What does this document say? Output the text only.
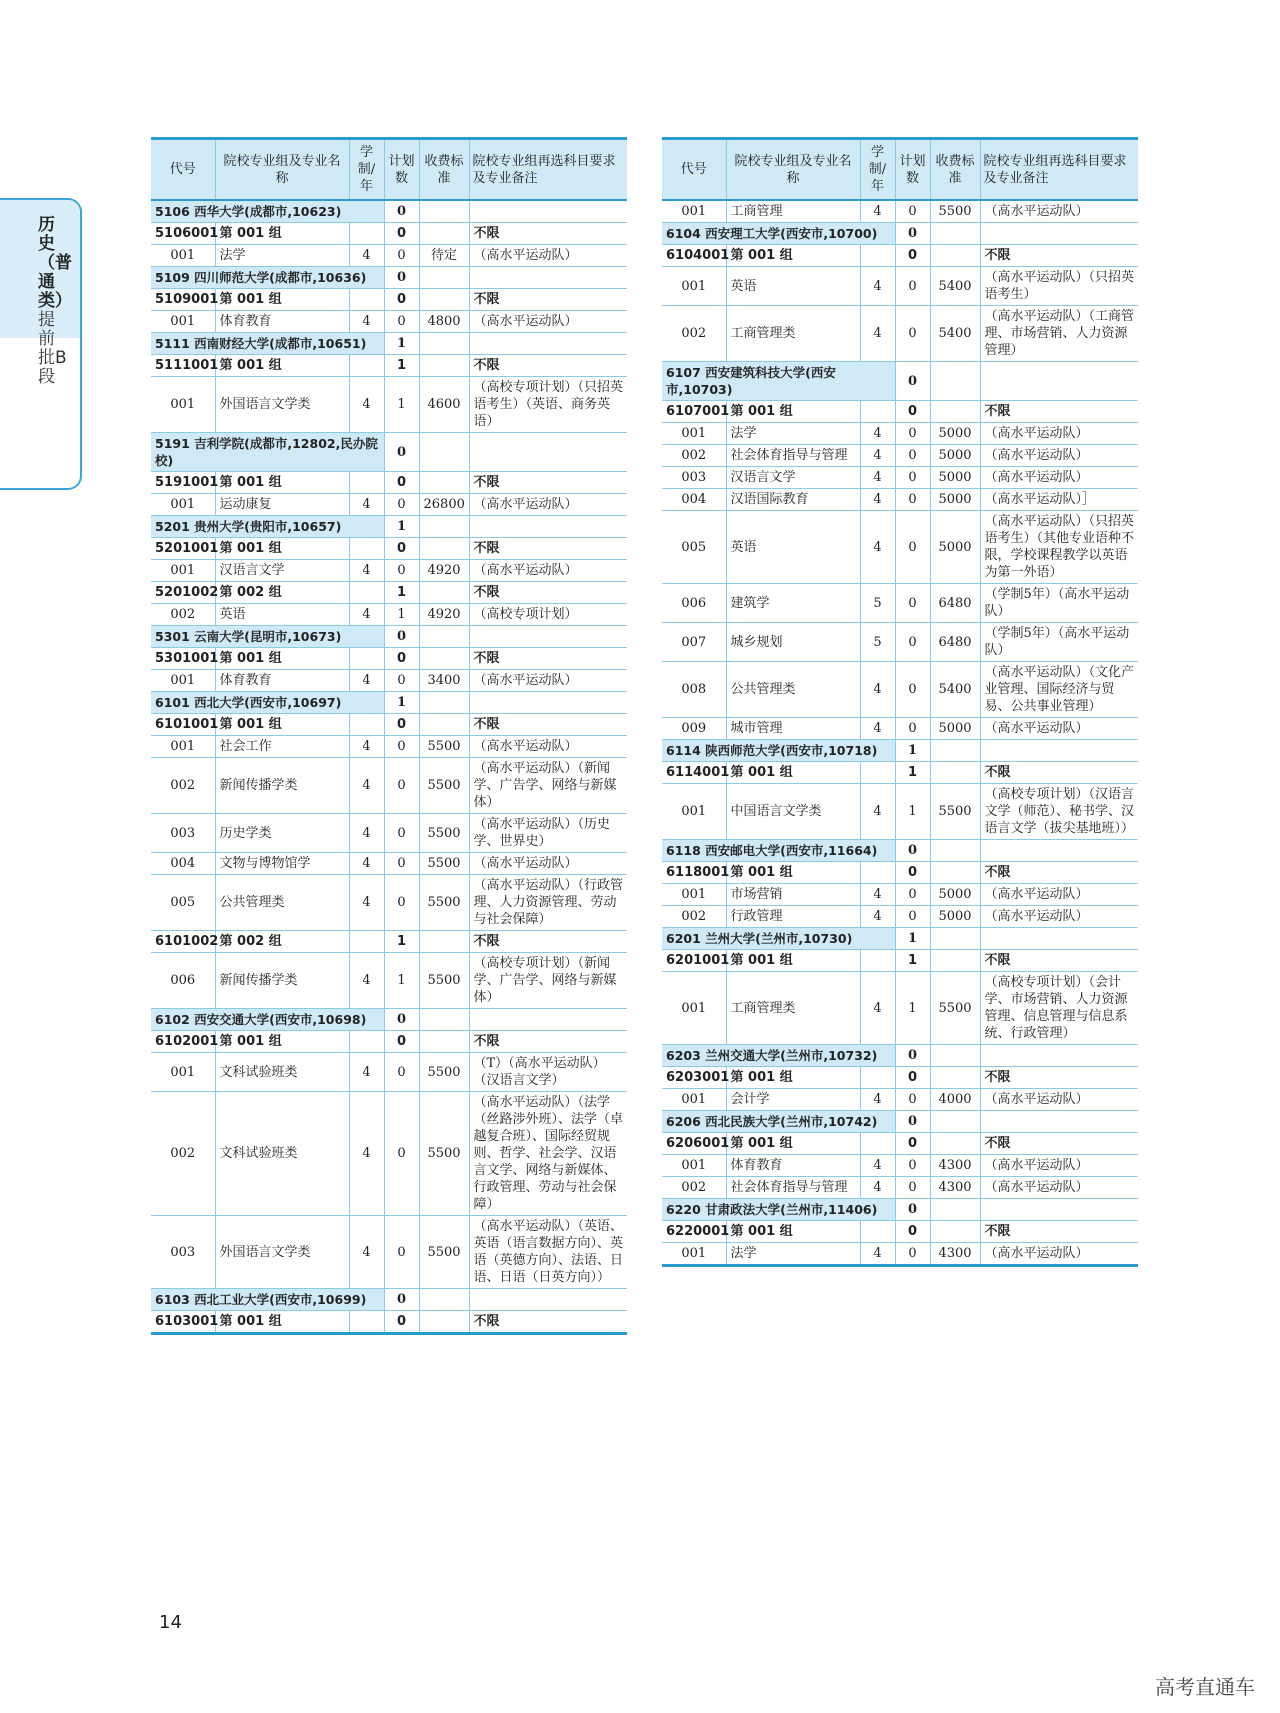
历史（普通类）
提前批B段
代号	院校专业组及专业名称	学制/年	计划数	收费标准	院校专业组再选科目要求及专业备注
5106 西华大学(成都市,10623)			0		
5106001	第 001 组		0		不限
001	法学	4	0	待定	（高水平运动队）
5109 四川师范大学(成都市,10636)			0		
5109001	第 001 组		0		不限
001	体育教育	4	0	4800	（高水平运动队）
5111 西南财经大学(成都市,10651)			1		
5111001	第 001 组		1		不限
001	外国语言文学类	4	1	4600	（高校专项计划）（只招英语考生）（英语、商务英语）
5191 吉利学院(成都市,12802,民办院校)			0		
5191001	第 001 组		0		不限
001	运动康复	4	0	26800	（高水平运动队）
5201 贵州大学(贵阳市,10657)			1		
5201001	第 001 组		0		不限
001	汉语言文学	4	0	4920	（高水平运动队）
5201002	第 002 组		1		不限
002	英语	4	1	4920	（高校专项计划）
5301 云南大学(昆明市,10673)			0		
5301001	第 001 组		0		不限
001	体育教育	4	0	3400	（高水平运动队）
6101 西北大学(西安市,10697)			1		
6101001	第 001 组		0		不限
001	社会工作	4	0	5500	（高水平运动队）
002	新闻传播学类	4	0	5500	（高水平运动队）（新闻学、广告学、网络与新媒体）
003	历史学类	4	0	5500	（高水平运动队）（历史学、世界史）
004	文物与博物馆学	4	0	5500	（高水平运动队）
005	公共管理类	4	0	5500	（高水平运动队）（行政管理、人力资源管理、劳动与社会保障）
6101002	第 002 组		1		不限
006	新闻传播学类	4	1	5500	（高校专项计划）（新闻学、广告学、网络与新媒体）
6102 西安交通大学(西安市,10698)			0		
6102001	第 001 组		0		不限
001	文科试验班类	4	0	5500	（T）（高水平运动队）（汉语言文学）
002	文科试验班类	4	0	5500	（高水平运动队）（法学（丝路涉外班）、法学（卓越复合班）、国际经贸规则、哲学、社会学、汉语言文学、网络与新媒体、行政管理、劳动与社会保障）
003	外国语言文学类	4	0	5500	（高水平运动队）（英语、英语（语言数据方向）、英语（英德方向）、法语、日语、日语（日英方向））
6103 西北工业大学(西安市,10699)			0		
6103001	第 001 组		0		不限
代号	院校专业组及专业名称	学制/年	计划数	收费标准	院校专业组再选科目要求及专业备注
001	工商管理	4	0	5500	（高水平运动队）
6104 西安理工大学(西安市,10700)			0		
6104001	第 001 组		0		不限
001	英语	4	0	5400	（高水平运动队）（只招英语考生）
002	工商管理类	4	0	5400	（高水平运动队）（工商管理、市场营销、人力资源管理）
6107 西安建筑科技大学(西安市,10703)			0		
6107001	第 001 组		0		不限
001	法学	4	0	5000	（高水平运动队）
002	社会体育指导与管理	4	0	5000	（高水平运动队）
003	汉语言文学	4	0	5000	（高水平运动队）
004	汉语国际教育	4	0	5000	（高水平运动队）］
005	英语	4	0	5000	（高水平运动队）（只招英语考生）（其他专业语种不限，学校课程教学以英语为第一外语）
006	建筑学	5	0	6480	（学制5年）（高水平运动队）
007	城乡规划	5	0	6480	（学制5年）（高水平运动队）
008	公共管理类	4	0	5400	（高水平运动队）（文化产业管理、国际经济与贸易、公共事业管理）
009	城市管理	4	0	5000	（高水平运动队）
6114 陕西师范大学(西安市,10718)			1		
6114001	第 001 组		1		不限
001	中国语言文学类	4	1	5500	（高校专项计划）（汉语言文学（师范）、秘书学、汉语言文学（拔尖基地班））
6118 西安邮电大学(西安市,11664)			0		
6118001	第 001 组		0		不限
001	市场营销	4	0	5000	（高水平运动队）
002	行政管理	4	0	5000	（高水平运动队）
6201 兰州大学(兰州市,10730)			1		
6201001	第 001 组		1		不限
001	工商管理类	4	1	5500	（高校专项计划）（会计学、市场营销、人力资源管理、信息管理与信息系统、行政管理）
6203 兰州交通大学(兰州市,10732)			0		
6203001	第 001 组		0		不限
001	会计学	4	0	4000	（高水平运动队）
6206 西北民族大学(兰州市,10742)			0		
6206001	第 001 组		0		不限
001	体育教育	4	0	4300	（高水平运动队）
002	社会体育指导与管理	4	0	4300	（高水平运动队）
6220 甘肃政法大学(兰州市,11406)			0		
6220001	第 001 组		0		不限
001	法学	4	0	4300	（高水平运动队）
14
高考直通车
